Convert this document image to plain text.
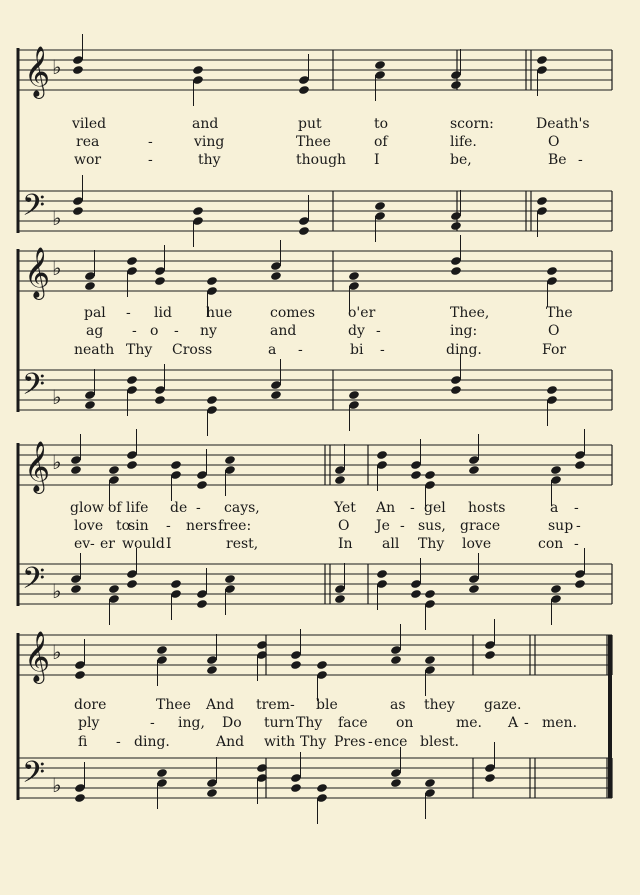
𝄞 ♭
𝄢 ♭
𝄞 ♭
𝄢 ♭
𝄞 ♭
𝄢 ♭
𝄞 ♭
𝄢 ♭
viled	and	put	to	scorn:	Death's
rea	-	ving	Thee	of	life.	O
wor	-	thy	though I	be,	Be -
pal - lid hue	comes o'er	Thee,	The
ag - o - ny	and	dy -	ing:	O
neath Thy Cross	a -	bi -	ding.	For
glow of life de - cays,	Yet An - gel hosts	a -
love to
sin - ners free:	O Je - sus, grace	sup -
ev - er would I	rest,	In all Thy love	con -
dore	Thee And trem - ble	as they gaze.
ply	- ing, Do turn Thy face on	me. A - men.
fi - ding.	And with Thy Pres - ence blest.
